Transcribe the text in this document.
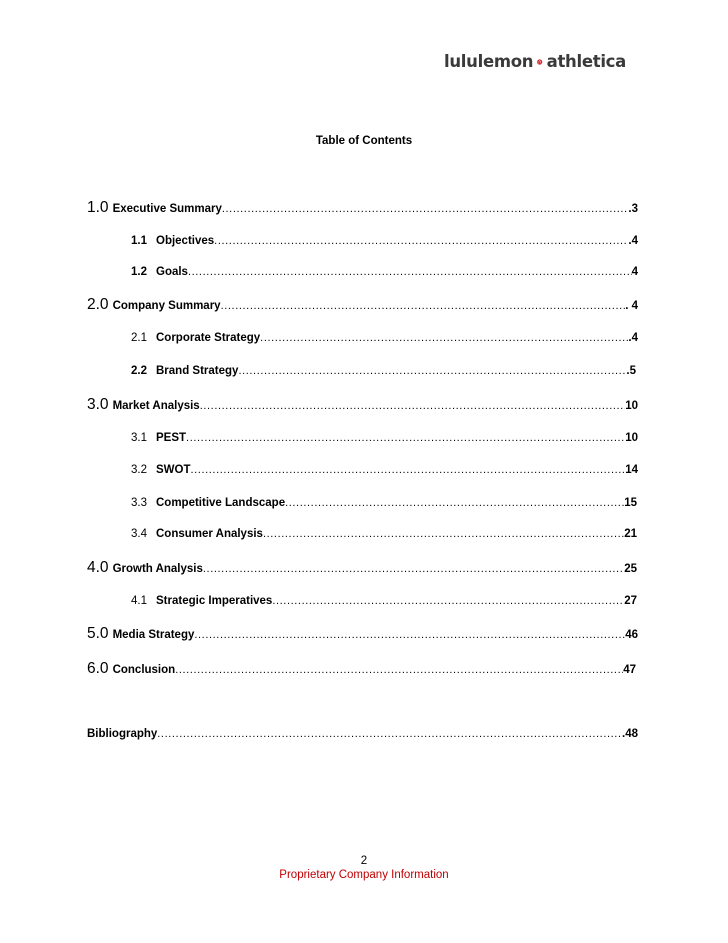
lululemon athletica
Table of Contents
1.0 Executive Summary .....	.3
1.1 Objectives .....	.4
1.2 Goals .....	4
2.0 Company Summary .....	. 4
2.1 Corporate Strategy .....	.4
2.2 Brand Strategy .....	.5
3.0 Market Analysis .....	10
3.1 PEST .....	10
3.2 SWOT .....	14
3.3 Competitive Landscape .....	15
3.4 Consumer Analysis .....	21
4.0 Growth Analysis .....	25
4.1 Strategic Imperatives .....	27
5.0 Media Strategy .....	46
6.0 Conclusion .....	47
Bibliography .....	.48
2
Proprietary Company Information
